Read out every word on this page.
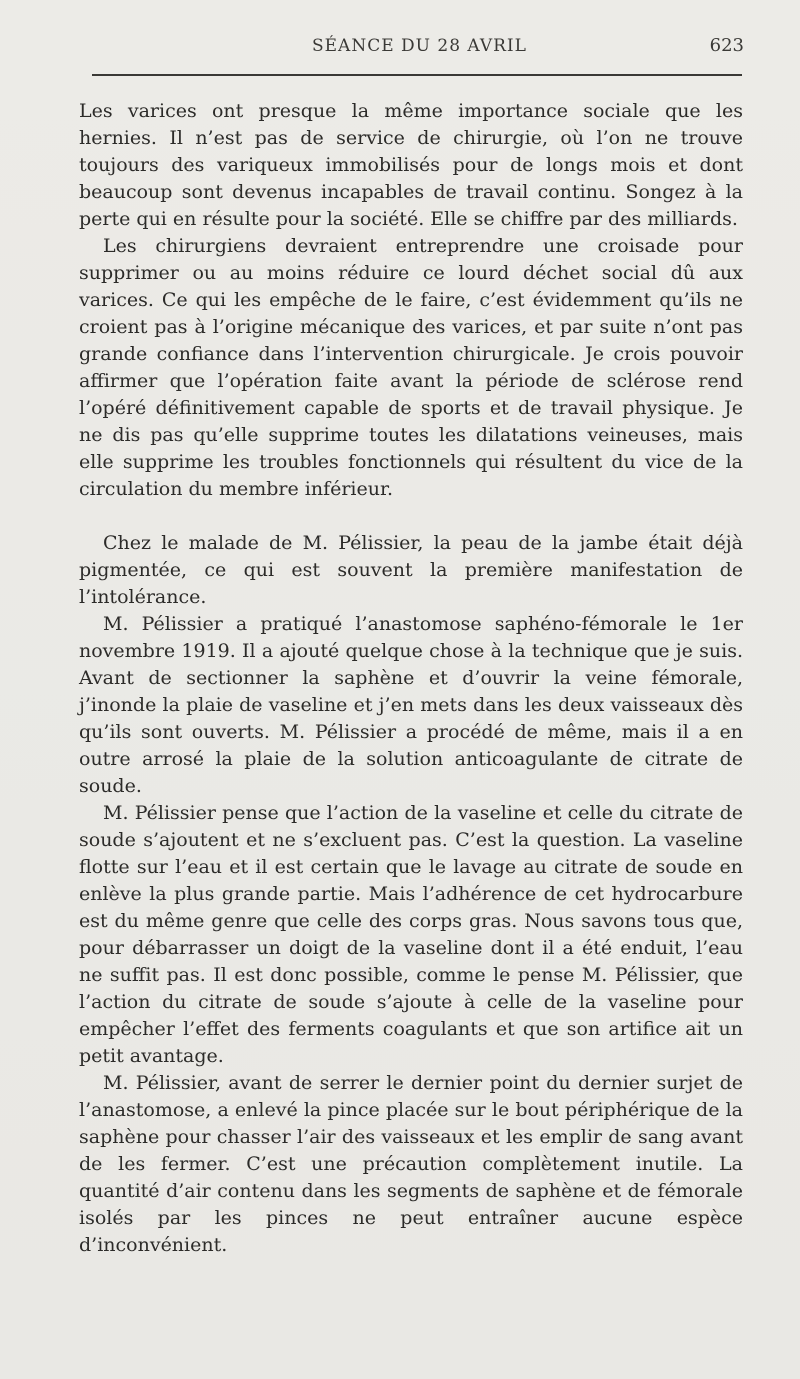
SÉANCE DU 28 AVRIL	623

Les varices ont presque la même importance sociale que les hernies. Il n’est pas de service de chirurgie, où l’on ne trouve toujours des variqueux immobilisés pour de longs mois et dont beaucoup sont devenus incapables de travail continu. Songez à la perte qui en résulte pour la société. Elle se chiffre par des milliards.

Les chirurgiens devraient entreprendre une croisade pour supprimer ou au moins réduire ce lourd déchet social dû aux varices. Ce qui les empêche de le faire, c’est évidemment qu’ils ne croient pas à l’origine mécanique des varices, et par suite n’ont pas grande confiance dans l’intervention chirurgicale. Je crois pouvoir affirmer que l’opération faite avant la période de sclérose rend l’opéré définitivement capable de sports et de travail physique. Je ne dis pas qu’elle supprime toutes les dilatations veineuses, mais elle supprime les troubles fonctionnels qui résultent du vice de la circulation du membre inférieur.

Chez le malade de M. Pélissier, la peau de la jambe était déjà pigmentée, ce qui est souvent la première manifestation de l’intolérance.

M. Pélissier a pratiqué l’anastomose saphéno-fémorale le 1er novembre 1919. Il a ajouté quelque chose à la technique que je suis. Avant de sectionner la saphène et d’ouvrir la veine fémorale, j’inonde la plaie de vaseline et j’en mets dans les deux vaisseaux dès qu’ils sont ouverts. M. Pélissier a procédé de même, mais il a en outre arrosé la plaie de la solution anticoagulante de citrate de soude.

M. Pélissier pense que l’action de la vaseline et celle du citrate de soude s’ajoutent et ne s’excluent pas. C’est la question. La vaseline flotte sur l’eau et il est certain que le lavage au citrate de soude en enlève la plus grande partie. Mais l’adhérence de cet hydrocarbure est du même genre que celle des corps gras. Nous savons tous que, pour débarrasser un doigt de la vaseline dont il a été enduit, l’eau ne suffit pas. Il est donc possible, comme le pense M. Pélissier, que l’action du citrate de soude s’ajoute à celle de la vaseline pour empêcher l’effet des ferments coagulants et que son artifice ait un petit avantage.

M. Pélissier, avant de serrer le dernier point du dernier surjet de l’anastomose, a enlevé la pince placée sur le bout périphérique de la saphène pour chasser l’air des vaisseaux et les emplir de sang avant de les fermer. C’est une précaution complètement inutile. La quantité d’air contenu dans les segments de saphène et de fémorale isolés par les pinces ne peut entraîner aucune espèce d’inconvénient.
